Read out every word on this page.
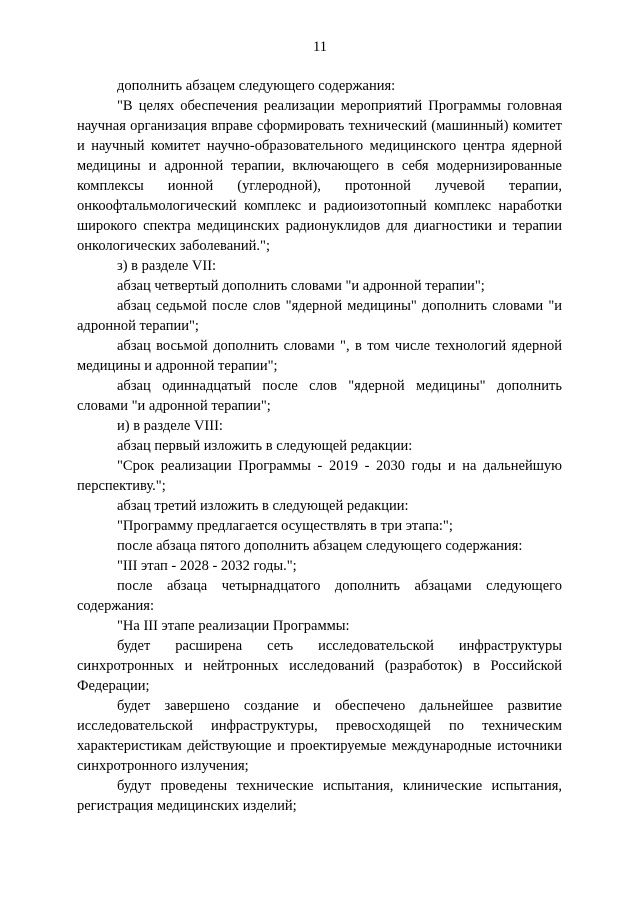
11

дополнить абзацем следующего содержания:

"В целях обеспечения реализации мероприятий Программы головная научная организация вправе сформировать технический (машинный) комитет и научный комитет научно-образовательного медицинского центра ядерной медицины и адронной терапии, включающего в себя модернизированные комплексы ионной (углеродной), протонной лучевой терапии, онкоофтальмологический комплекс и радиоизотопный комплекс наработки широкого спектра медицинских радионуклидов для диагностики и терапии онкологических заболеваний.";

з) в разделе VII:

абзац четвертый дополнить словами "и адронной терапии";

абзац седьмой после слов "ядерной медицины" дополнить словами "и адронной терапии";

абзац восьмой дополнить словами ", в том числе технологий ядерной медицины и адронной терапии";

абзац одиннадцатый после слов "ядерной медицины" дополнить словами "и адронной терапии";

и) в разделе VIII:

абзац первый изложить в следующей редакции:

"Срок реализации Программы - 2019 - 2030 годы и на дальнейшую перспективу.";

абзац третий изложить в следующей редакции:

"Программу предлагается осуществлять в три этапа:";

после абзаца пятого дополнить абзацем следующего содержания:

"III этап - 2028 - 2032 годы.";

после абзаца четырнадцатого дополнить абзацами следующего содержания:

"На III этапе реализации Программы:

будет расширена сеть исследовательской инфраструктуры синхротронных и нейтронных исследований (разработок) в Российской Федерации;

будет завершено создание и обеспечено дальнейшее развитие исследовательской инфраструктуры, превосходящей по техническим характеристикам действующие и проектируемые международные источники синхротронного излучения;

будут проведены технические испытания, клинические испытания, регистрация медицинских изделий;
